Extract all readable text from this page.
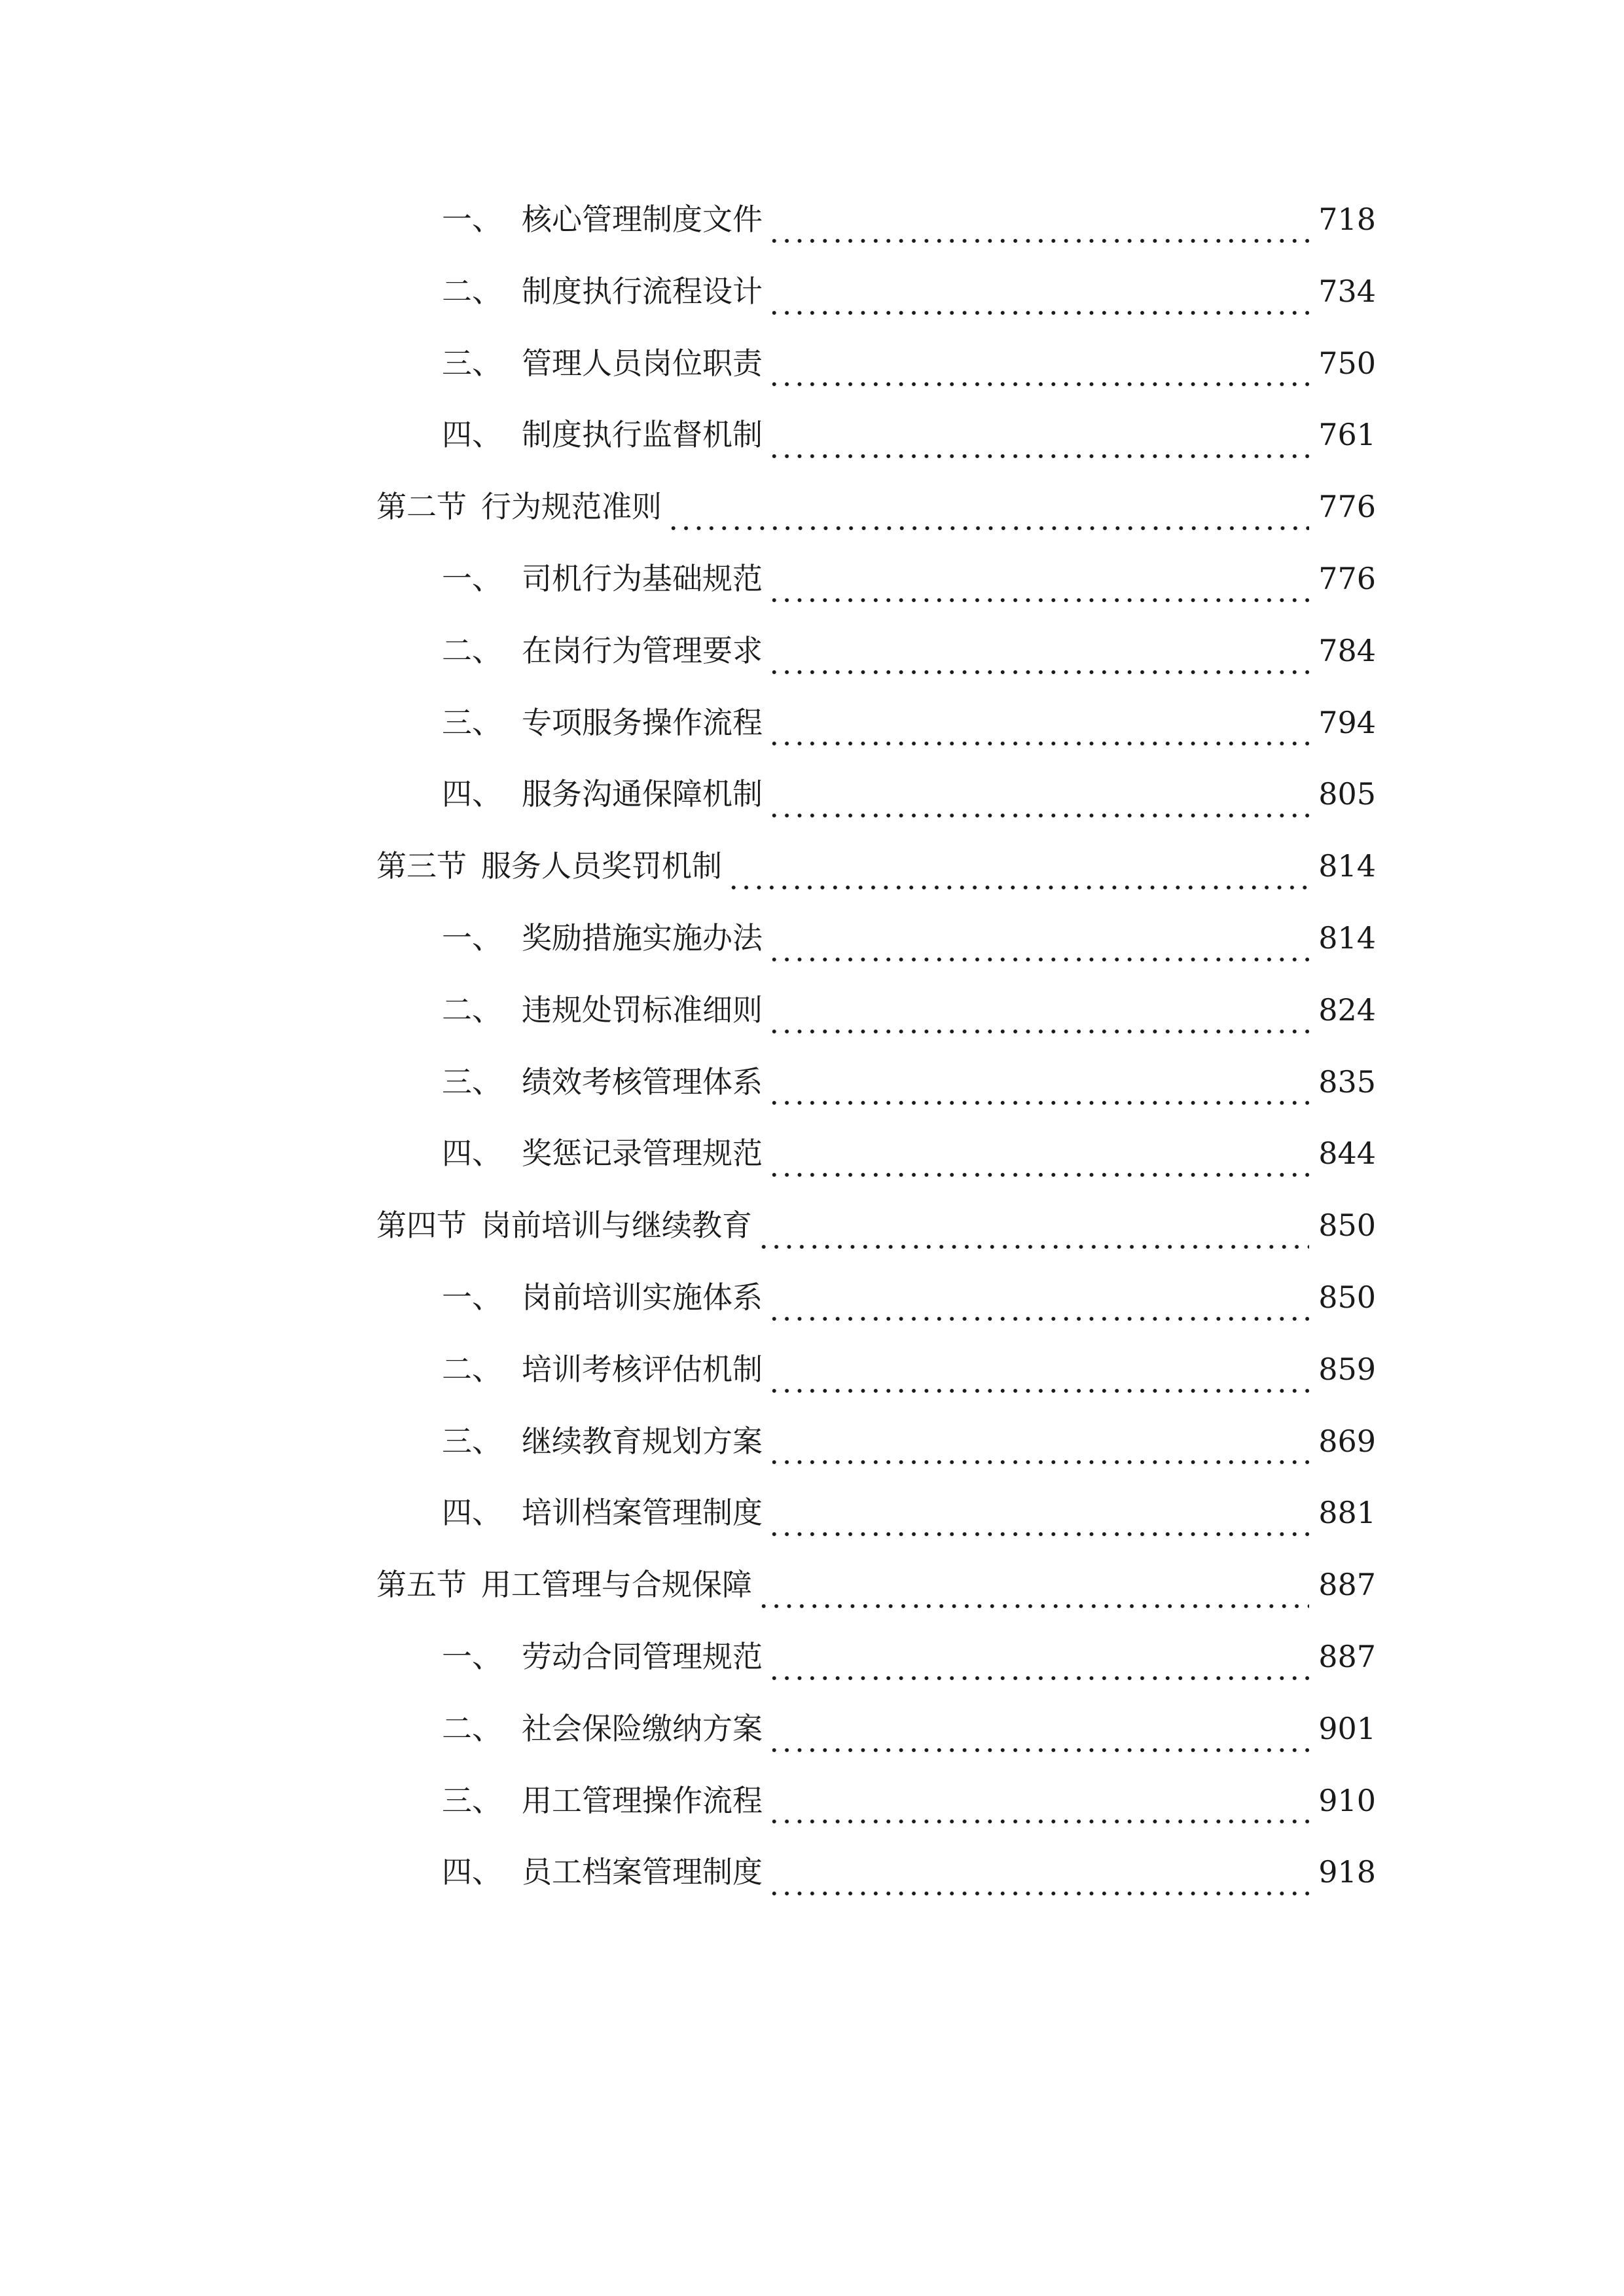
一、 核心管理制度文件	718
二、 制度执行流程设计	734
三、 管理人员岗位职责	750
四、 制度执行监督机制	761
第二节 行为规范准则	776
一、 司机行为基础规范	776
二、 在岗行为管理要求	784
三、 专项服务操作流程	794
四、 服务沟通保障机制	805
第三节 服务人员奖罚机制	814
一、 奖励措施实施办法	814
二、 违规处罚标准细则	824
三、 绩效考核管理体系	835
四、 奖惩记录管理规范	844
第四节 岗前培训与继续教育	850
一、 岗前培训实施体系	850
二、 培训考核评估机制	859
三、 继续教育规划方案	869
四、 培训档案管理制度	881
第五节 用工管理与合规保障	887
一、 劳动合同管理规范	887
二、 社会保险缴纳方案	901
三、 用工管理操作流程	910
四、 员工档案管理制度	918
